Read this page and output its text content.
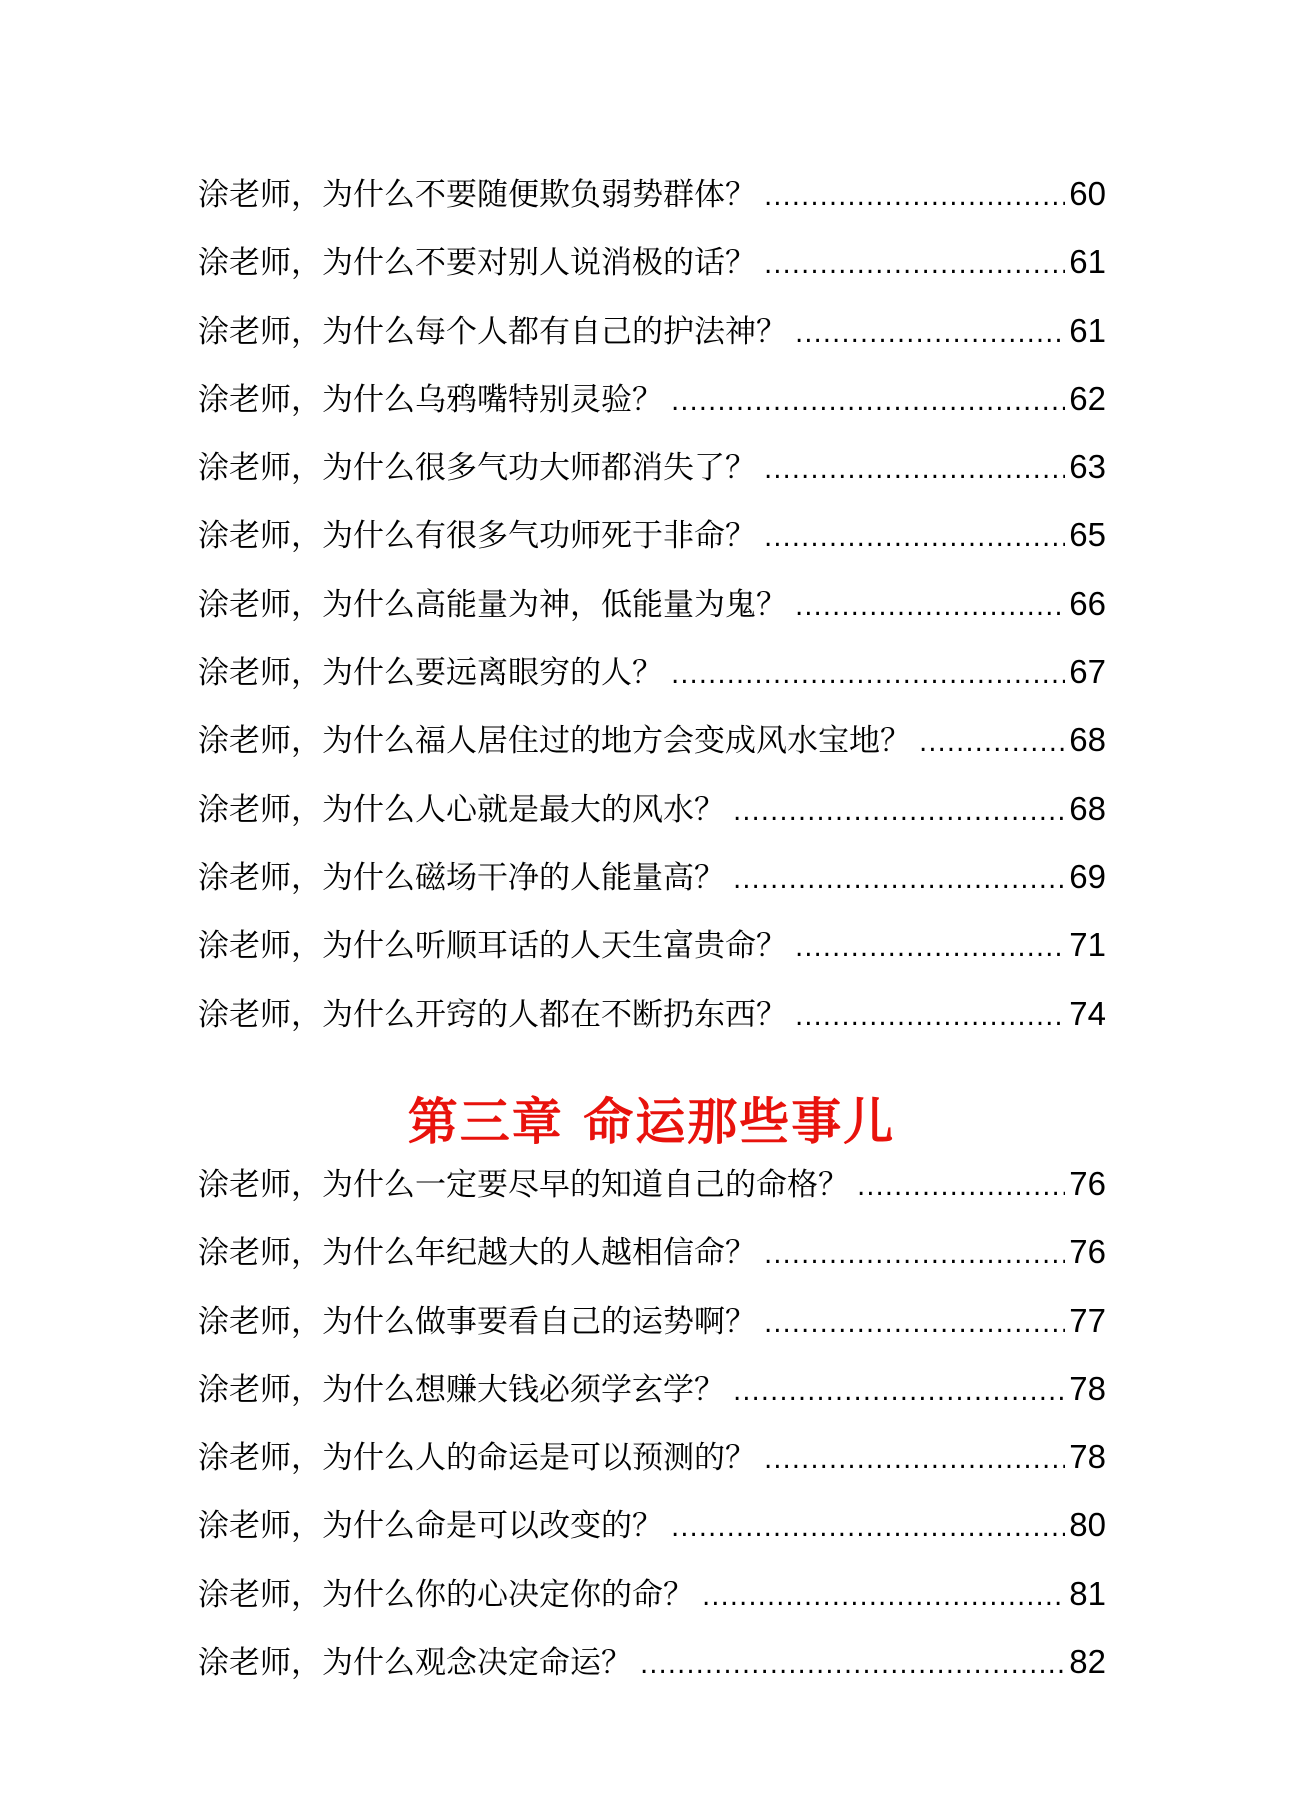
涂老师，为什么不要随便欺负弱势群体？ .....	60
涂老师，为什么不要对别人说消极的话？ .....	61
涂老师，为什么每个人都有自己的护法神？ .....	61
涂老师，为什么乌鸦嘴特别灵验？ .....	62
涂老师，为什么很多气功大师都消失了？ .....	63
涂老师，为什么有很多气功师死于非命？ .....	65
涂老师，为什么高能量为神，低能量为鬼？ .....	66
涂老师，为什么要远离眼穷的人？ .....	67
涂老师，为什么福人居住过的地方会变成风水宝地？ .....	68
涂老师，为什么人心就是最大的风水？ .....	68
涂老师，为什么磁场干净的人能量高？ .....	69
涂老师，为什么听顺耳话的人天生富贵命？ .....	71
涂老师，为什么开窍的人都在不断扔东西？ .....	74
第三章 命运那些事儿
涂老师，为什么一定要尽早的知道自己的命格？ .....	76
涂老师，为什么年纪越大的人越相信命？ .....	76
涂老师，为什么做事要看自己的运势啊？ .....	77
涂老师，为什么想赚大钱必须学玄学？ .....	78
涂老师，为什么人的命运是可以预测的？ .....	78
涂老师，为什么命是可以改变的？ .....	80
涂老师，为什么你的心决定你的命？ .....	81
涂老师，为什么观念决定命运？ .....	82
